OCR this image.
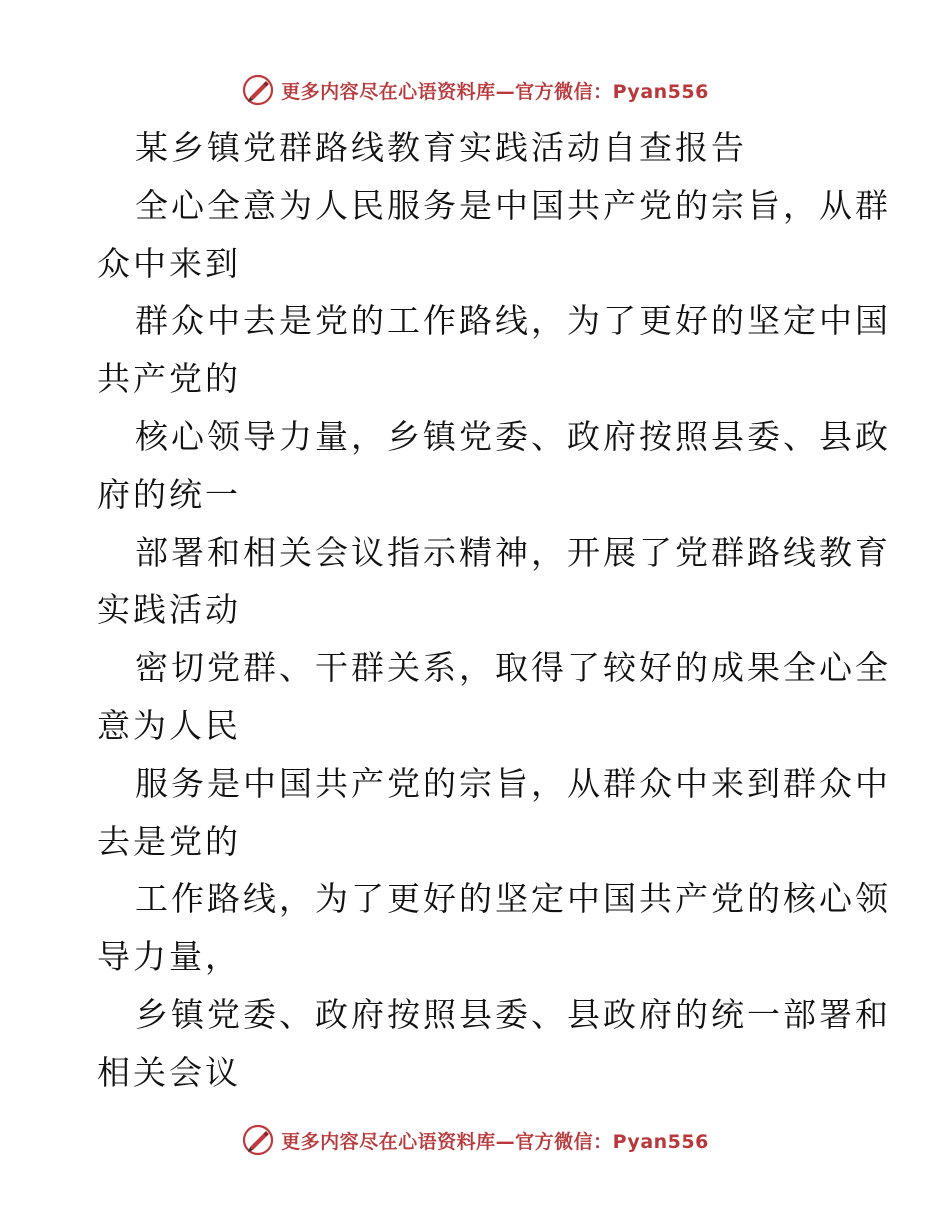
更多内容尽在心语资料库—官方微信：Pyan556
某乡镇党群路线教育实践活动自查报告
全心全意为人民服务是中国共产党的宗旨，从群
众中来到
群众中去是党的工作路线，为了更好的坚定中国
共产党的
核心领导力量，乡镇党委、政府按照县委、县政
府的统一
部署和相关会议指示精神，开展了党群路线教育
实践活动
密切党群、干群关系，取得了较好的成果全心全
意为人民
服务是中国共产党的宗旨，从群众中来到群众中
去是党的
工作路线，为了更好的坚定中国共产党的核心领
导力量，
乡镇党委、政府按照县委、县政府的统一部署和
相关会议
更多内容尽在心语资料库—官方微信：Pyan556
